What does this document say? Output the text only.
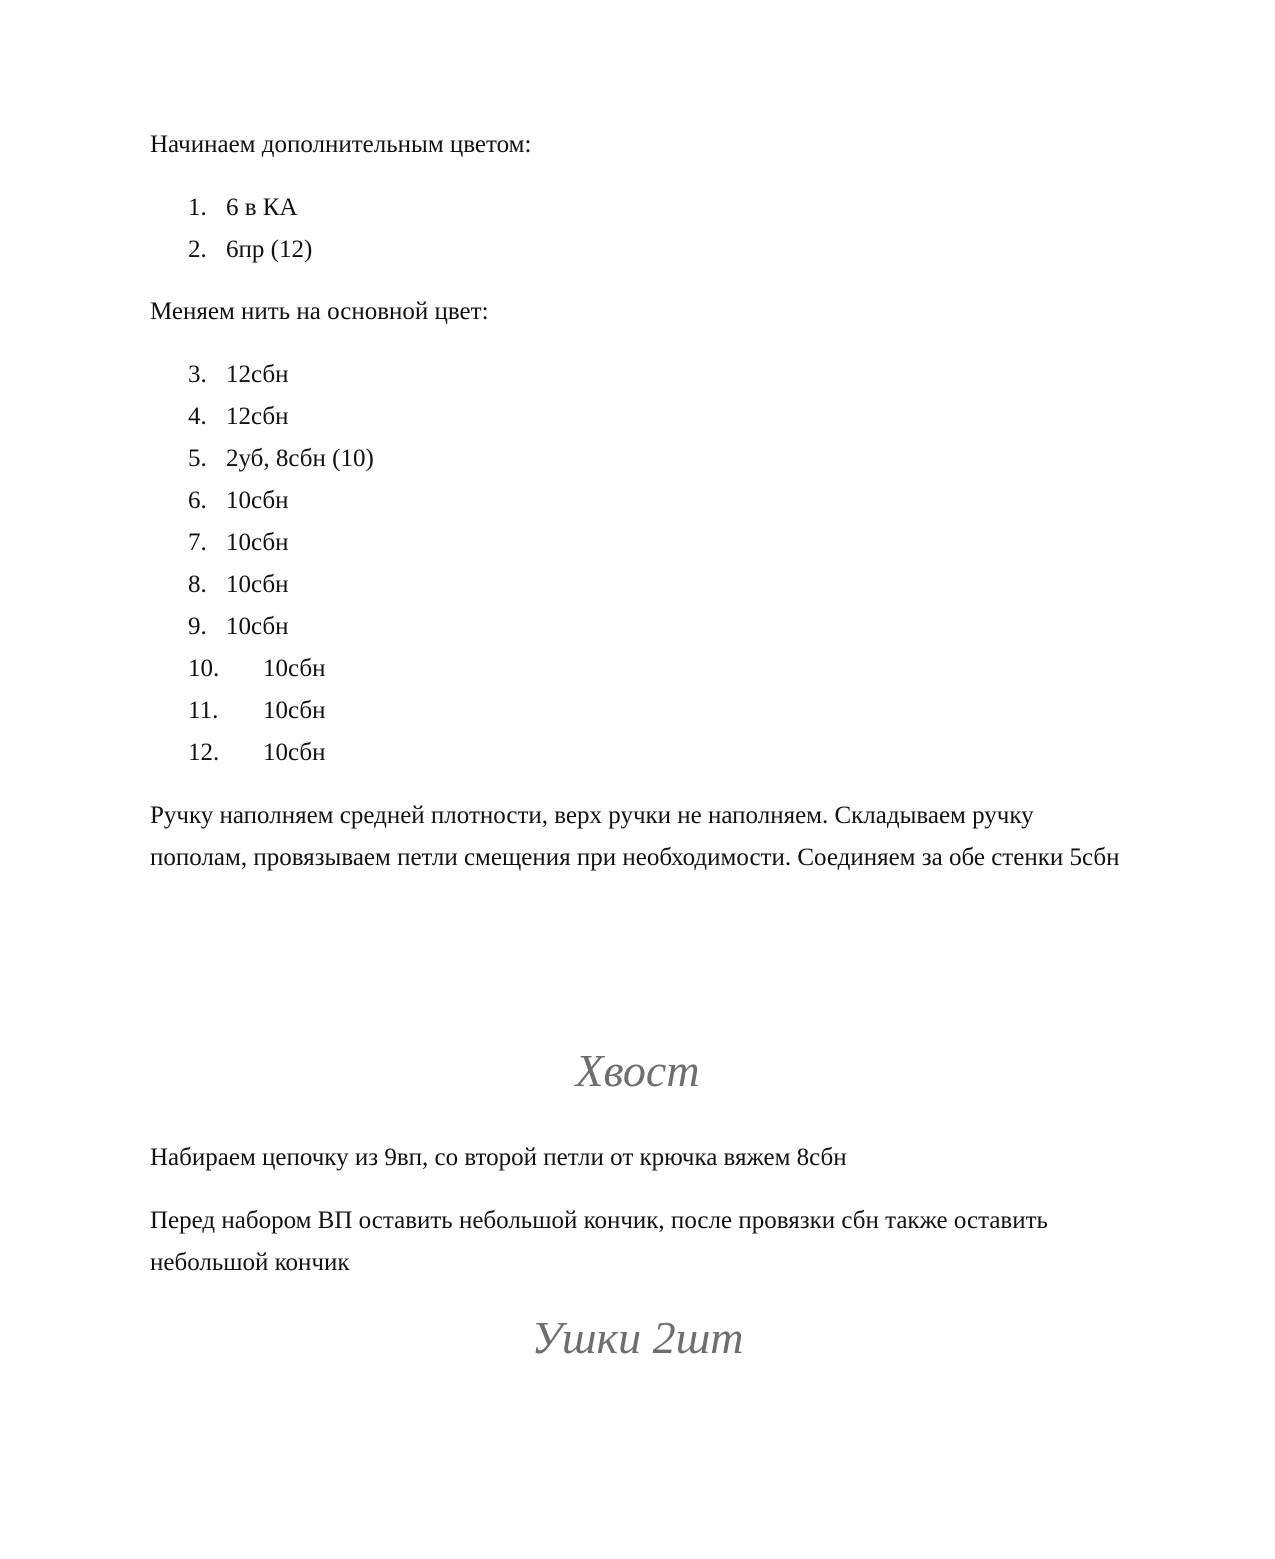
Начинаем дополнительным цветом:

1. 6 в КА
2. 6пр (12)

Меняем нить на основной цвет:

3. 12сбн
4. 12сбн
5. 2уб, 8сбн (10)
6. 10сбн
7. 10сбн
8. 10сбн
9. 10сбн
10. 10сбн
11. 10сбн
12. 10сбн

Ручку наполняем средней плотности, верх ручки не наполняем. Складываем ручку пополам, провязываем петли смещения при необходимости. Соединяем за обе стенки 5сбн

Хвост

Набираем цепочку из 9вп, со второй петли от крючка вяжем 8сбн

Перед набором ВП оставить небольшой кончик, после провязки сбн также оставить небольшой кончик

Ушки 2шт
